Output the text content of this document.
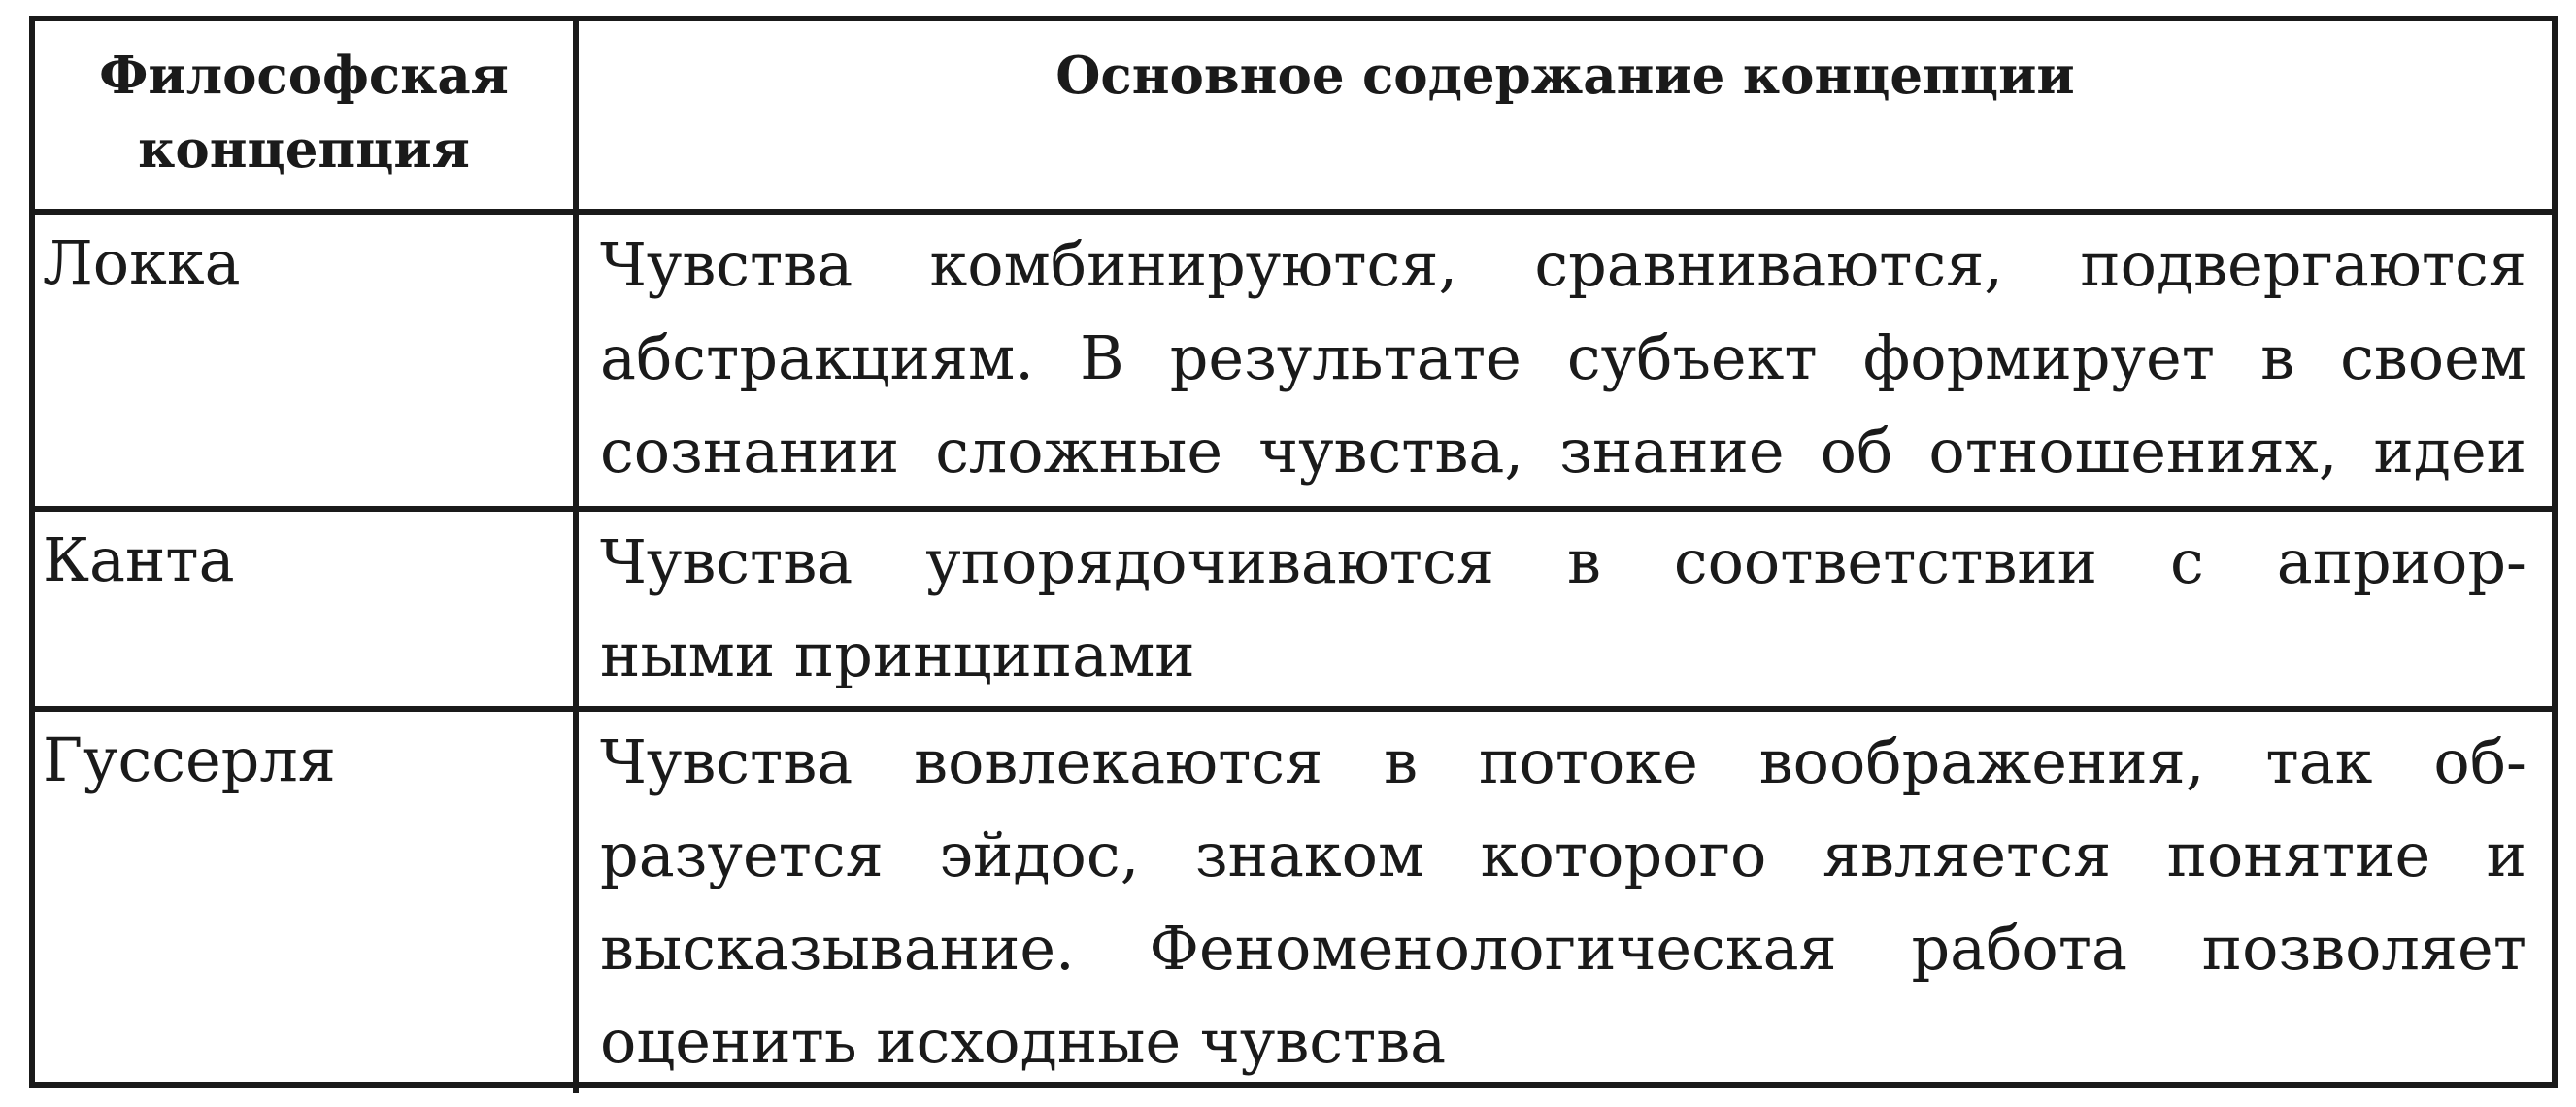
Философская
концепция	Основное содержание концепции
Локка	Чувства комбинируются, сравниваются, подвергаются
абстракциям. В результате субъект формирует в своем
сознании сложные чувства, знание об отношениях, идеи

Канта	Чувства упорядочиваются в соответствии с априор-
ными принципами

Гуссерля	Чувства вовлекаются в потоке воображения, так об-
разуется эйдос, знаком которого является понятие и
высказывание. Феноменологическая работа позволяет
оценить исходные чувства
